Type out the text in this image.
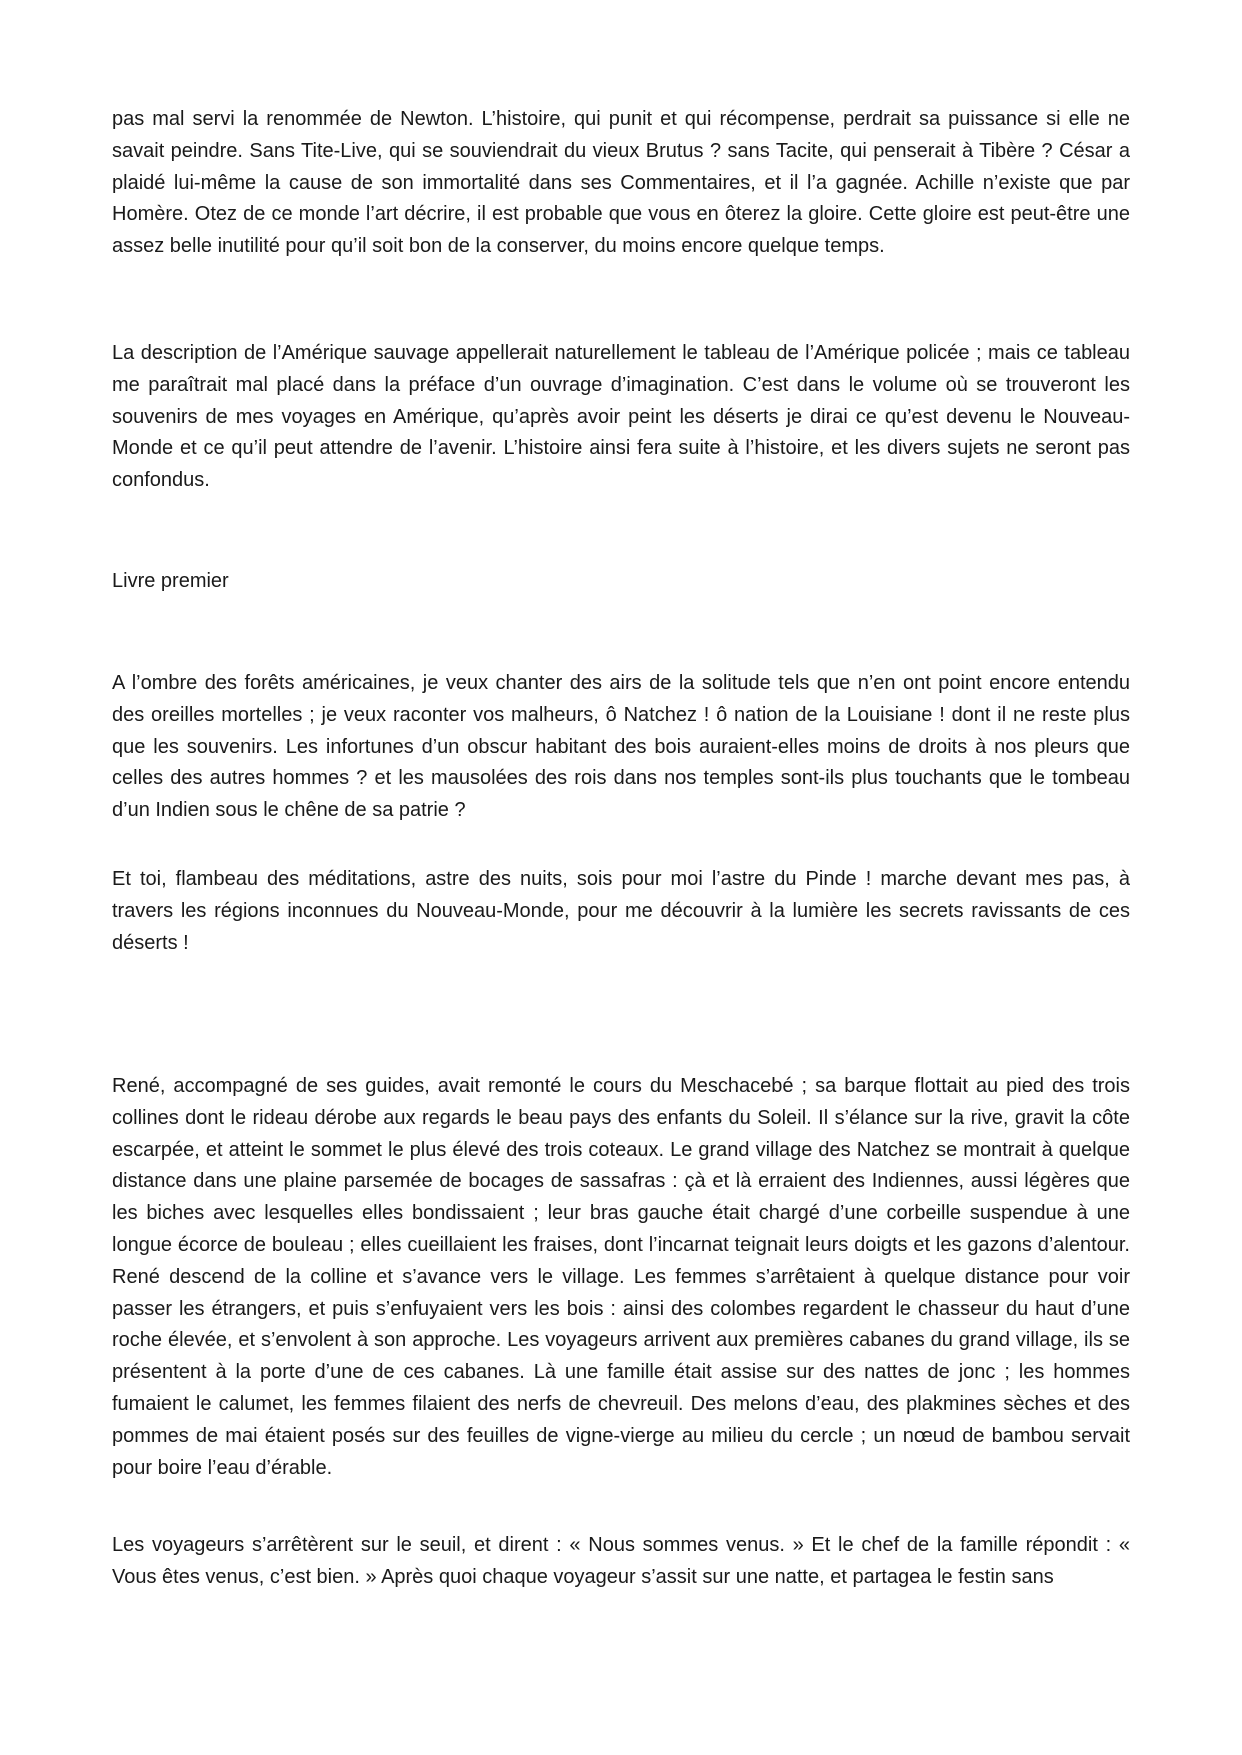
pas mal servi la renommée de Newton. L’histoire, qui punit et qui récompense, perdrait sa puissance si elle ne savait peindre. Sans Tite-Live, qui se souviendrait du vieux Brutus ? sans Tacite, qui penserait à Tibère ? César a plaidé lui-même la cause de son immortalité dans ses Commentaires, et il l’a gagnée. Achille n’existe que par Homère. Otez de ce monde l’art décrire, il est probable que vous en ôterez la gloire. Cette gloire est peut-être une assez belle inutilité pour qu’il soit bon de la conserver, du moins encore quelque temps.

La description de l’Amérique sauvage appellerait naturellement le tableau de l’Amérique policée ; mais ce tableau me paraîtrait mal placé dans la préface d’un ouvrage d’imagination. C’est dans le volume où se trouveront les souvenirs de mes voyages en Amérique, qu’après avoir peint les déserts je dirai ce qu’est devenu le Nouveau-Monde et ce qu’il peut attendre de l’avenir. L’histoire ainsi fera suite à l’histoire, et les divers sujets ne seront pas confondus.

Livre premier

A l’ombre des forêts américaines, je veux chanter des airs de la solitude tels que n’en ont point encore entendu des oreilles mortelles ; je veux raconter vos malheurs, ô Natchez ! ô nation de la Louisiane ! dont il ne reste plus que les souvenirs. Les infortunes d’un obscur habitant des bois auraient-elles moins de droits à nos pleurs que celles des autres hommes ? et les mausolées des rois dans nos temples sont-ils plus touchants que le tombeau d’un Indien sous le chêne de sa patrie ?

Et toi, flambeau des méditations, astre des nuits, sois pour moi l’astre du Pinde ! marche devant mes pas, à travers les régions inconnues du Nouveau-Monde, pour me découvrir à la lumière les secrets ravissants de ces déserts !

René, accompagné de ses guides, avait remonté le cours du Meschacebé ; sa barque flottait au pied des trois collines dont le rideau dérobe aux regards le beau pays des enfants du Soleil. Il s’élance sur la rive, gravit la côte escarpée, et atteint le sommet le plus élevé des trois coteaux. Le grand village des Natchez se montrait à quelque distance dans une plaine parsemée de bocages de sassafras : çà et là erraient des Indiennes, aussi légères que les biches avec lesquelles elles bondissaient ; leur bras gauche était chargé d’une corbeille suspendue à une longue écorce de bouleau ; elles cueillaient les fraises, dont l’incarnat teignait leurs doigts et les gazons d’alentour. René descend de la colline et s’avance vers le village. Les femmes s’arrêtaient à quelque distance pour voir passer les étrangers, et puis s’enfuyaient vers les bois : ainsi des colombes regardent le chasseur du haut d’une roche élevée, et s’envolent à son approche. Les voyageurs arrivent aux premières cabanes du grand village, ils se présentent à la porte d’une de ces cabanes. Là une famille était assise sur des nattes de jonc ; les hommes fumaient le calumet, les femmes filaient des nerfs de chevreuil. Des melons d’eau, des plakmines sèches et des pommes de mai étaient posés sur des feuilles de vigne-vierge au milieu du cercle ; un nœud de bambou servait pour boire l’eau d’érable.

Les voyageurs s’arrêtèrent sur le seuil, et dirent : « Nous sommes venus. » Et le chef de la famille répondit : « Vous êtes venus, c’est bien. » Après quoi chaque voyageur s’assit sur une natte, et partagea le festin sans
